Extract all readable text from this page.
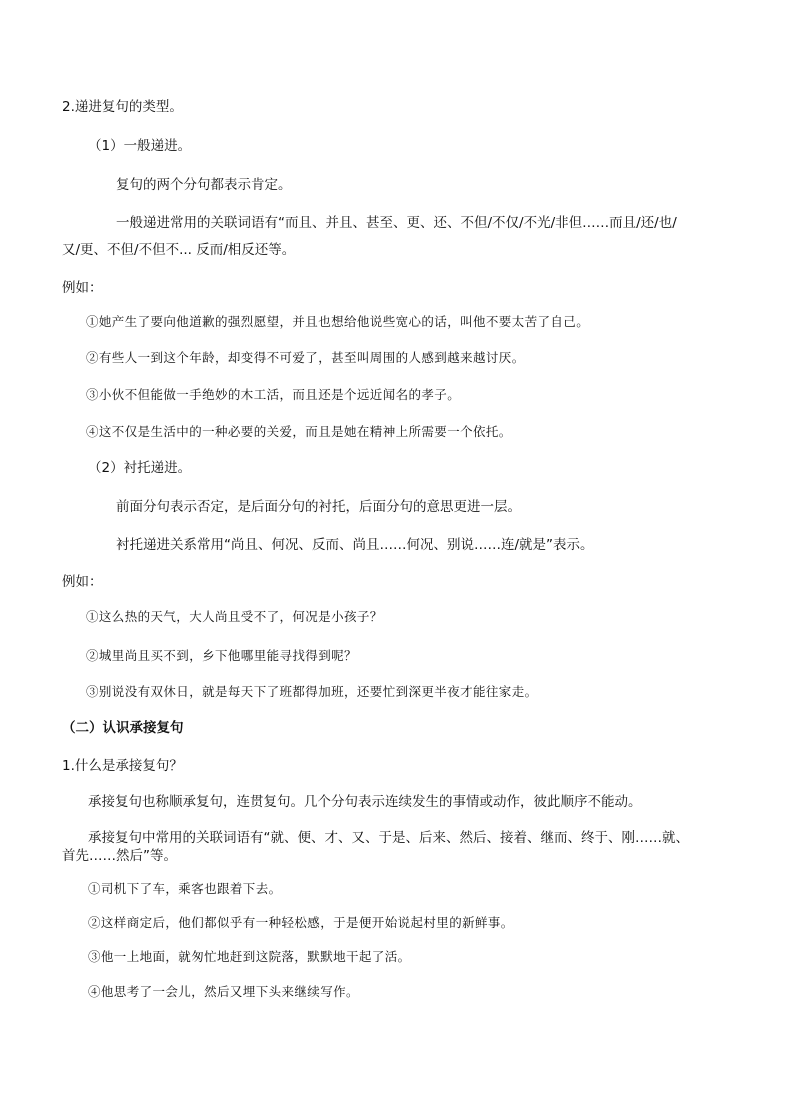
2.递进复句的类型。
（1）一般递进。
复句的两个分句都表示肯定。
一般递进常用的关联词语有“而且、并且、甚至、更、还、不但/不仅/不光/非但……而且/还/也/
又/更、不但/不但不... 反而/相反还等。
例如：
①她产生了要向他道歉的强烈愿望，并且也想给他说些宽心的话，叫他不要太苦了自己。
②有些人一到这个年龄，却变得不可爱了，甚至叫周围的人感到越来越讨厌。
③小伙不但能做一手绝妙的木工活，而且还是个远近闻名的孝子。
④这不仅是生活中的一种必要的关爱，而且是她在精神上所需要一个依托。
（2）衬托递进。
前面分句表示否定，是后面分句的衬托，后面分句的意思更进一层。
衬托递进关系常用“尚且、何况、反而、尚且……何况、别说……连/就是”表示。
例如：
①这么热的天气，大人尚且受不了，何况是小孩子？
②城里尚且买不到，乡下他哪里能寻找得到呢？
③别说没有双休日，就是每天下了班都得加班，还要忙到深更半夜才能往家走。
（二）认识承接复句
1.什么是承接复句？
承接复句也称顺承复句，连贯复句。几个分句表示连续发生的事情或动作，彼此顺序不能动。
承接复句中常用的关联词语有“就、便、才、又、于是、后来、然后、接着、继而、终于、刚……就、
首先……然后”等。
①司机下了车，乘客也跟着下去。
②这样商定后，他们都似乎有一种轻松感，于是便开始说起村里的新鲜事。
③他一上地面，就匆忙地赶到这院落，默默地干起了活。
④他思考了一会儿，然后又埋下头来继续写作。
